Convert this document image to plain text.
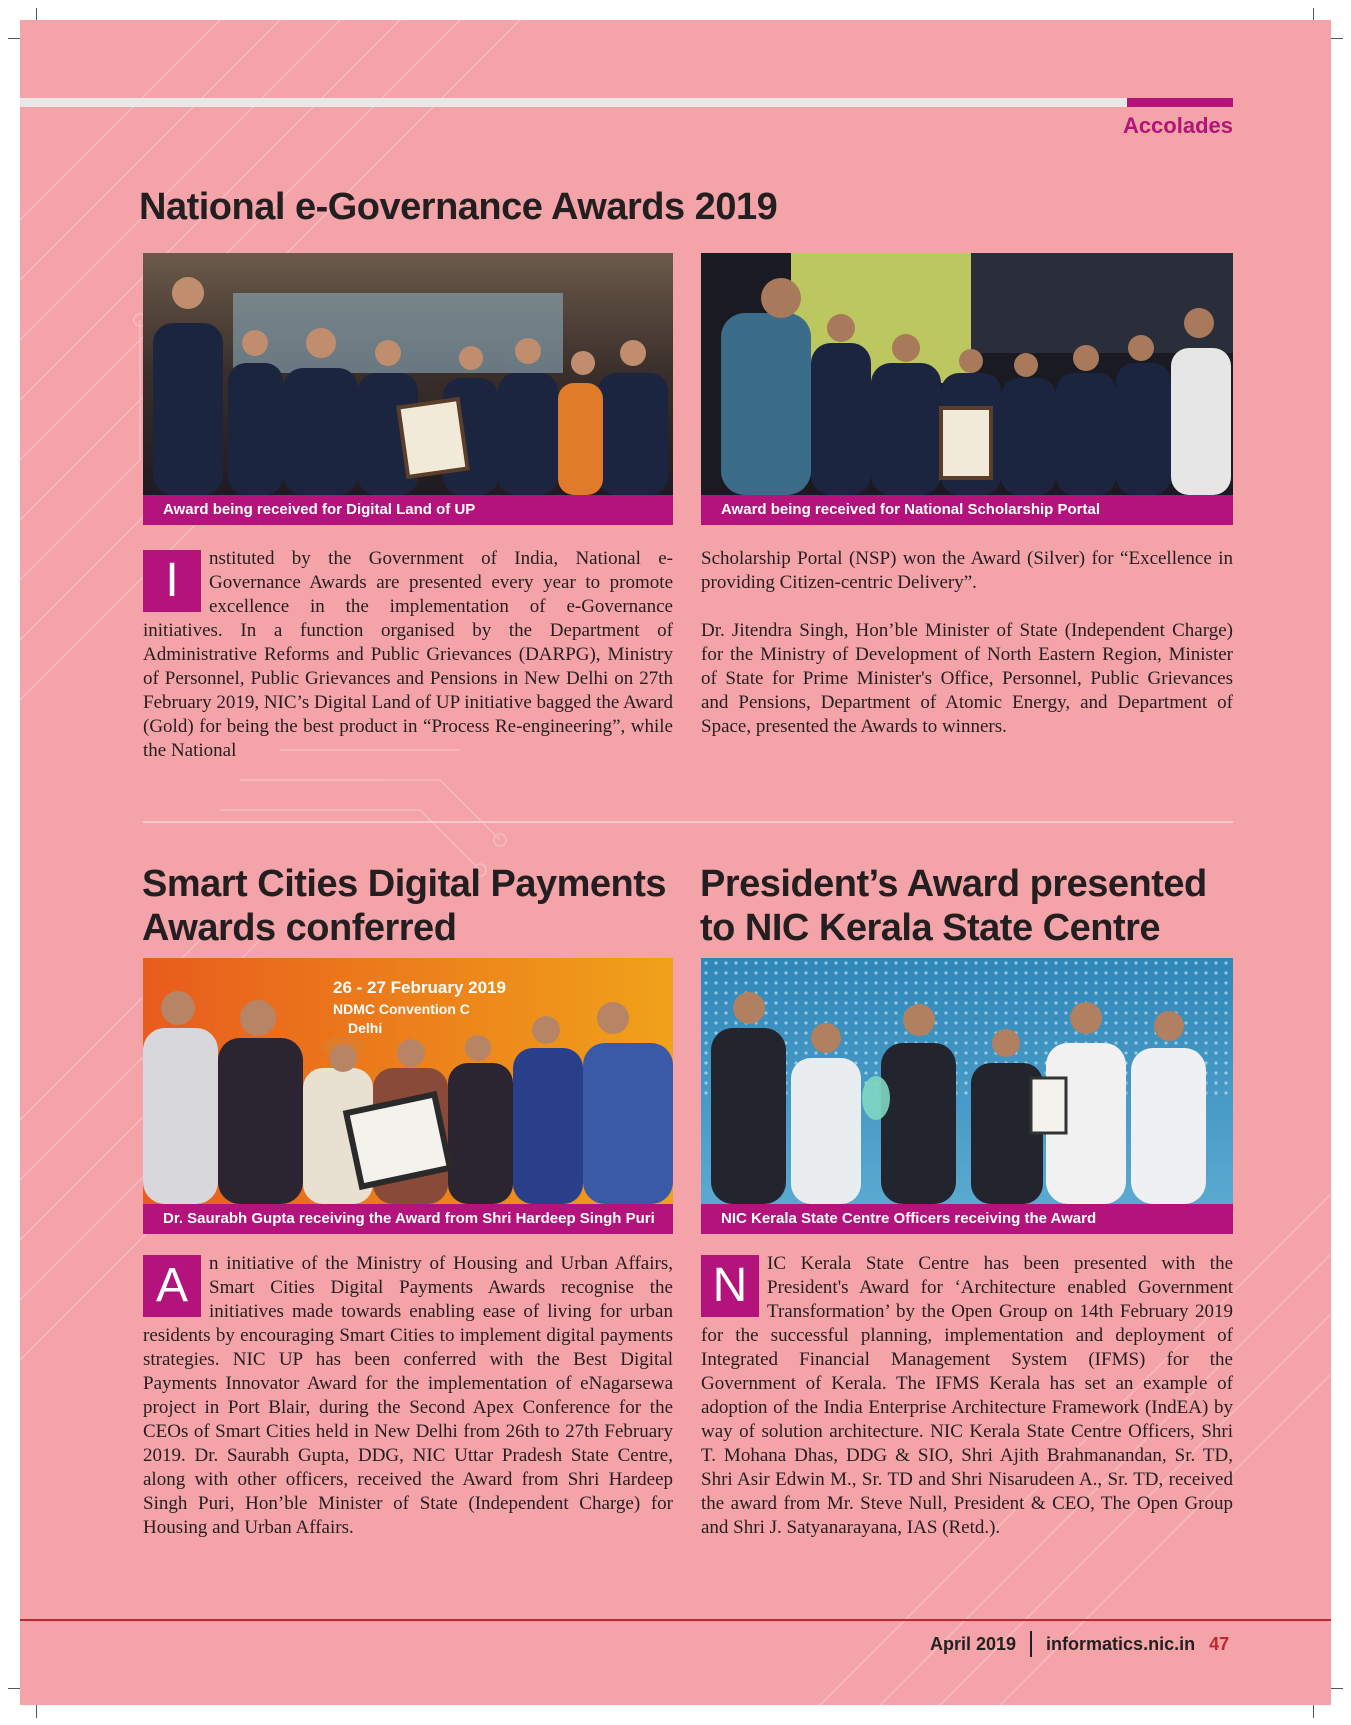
Accolades
National e-Governance Awards 2019
Award being received for Digital Land of UP	Award being received for National Scholarship Portal
I	nstituted by the Government of India, National e-Governance Awards are presented every year to promote excellence in the implementation of e-Governance initiatives. In a function organised by the Department of Administrative Reforms and Public Grievances (DARPG), Ministry of Personnel, Public Grievances and Pensions in New Delhi on 27th February 2019, NIC’s Digital Land of UP initiative bagged the Award (Gold) for being the best product in “Process Re-engineering”, while the National

Scholarship Portal (NSP) won the Award (Silver) for “Excellence in providing Citizen-centric Delivery”.

Dr. Jitendra Singh, Hon’ble Minister of State (Independent Charge) for the Ministry of Development of North Eastern Region, Minister of State for Prime Minister's Office, Personnel, Public Grievances and Pensions, Department of Atomic Energy, and Department of Space, presented the Awards to winners.

Smart Cities Digital Payments Awards conferred
26 - 27 February 2019
NDMC Convention C
Delhi
Dr. Saurabh Gupta receiving the Award from Shri Hardeep Singh Puri
A	n initiative of the Ministry of Housing and Urban Affairs, Smart Cities Digital Payments Awards recognise the initiatives made towards enabling ease of living for urban residents by encouraging Smart Cities to implement digital payments strategies. NIC UP has been conferred with the Best Digital Payments Innovator Award for the implementation of eNagarsewa project in Port Blair, during the Second Apex Conference for the CEOs of Smart Cities held in New Delhi from 26th to 27th February 2019. Dr. Saurabh Gupta, DDG, NIC Uttar Pradesh State Centre, along with other officers, received the Award from Shri Hardeep Singh Puri, Hon’ble Minister of State (Independent Charge) for Housing and Urban Affairs.
President’s Award presented to NIC Kerala State Centre
NIC Kerala State Centre Officers receiving the Award
N	IC Kerala State Centre has been presented with the President's Award for ‘Architecture enabled Government Transformation’ by the Open Group on 14th February 2019 for the successful planning, implementation and deployment of Integrated Financial Management System (IFMS) for the Government of Kerala. The IFMS Kerala has set an example of adoption of the India Enterprise Architecture Framework (IndEA) by way of solution architecture. NIC Kerala State Centre Officers, Shri T. Mohana Dhas, DDG & SIO, Shri Ajith Brahmanandan, Sr. TD, Shri Asir Edwin M., Sr. TD and Shri Nisarudeen A., Sr. TD, received the award from Mr. Steve Null, President & CEO, The Open Group and Shri J. Satyanarayana, IAS (Retd.).
April 2019 informatics.nic.in 47
